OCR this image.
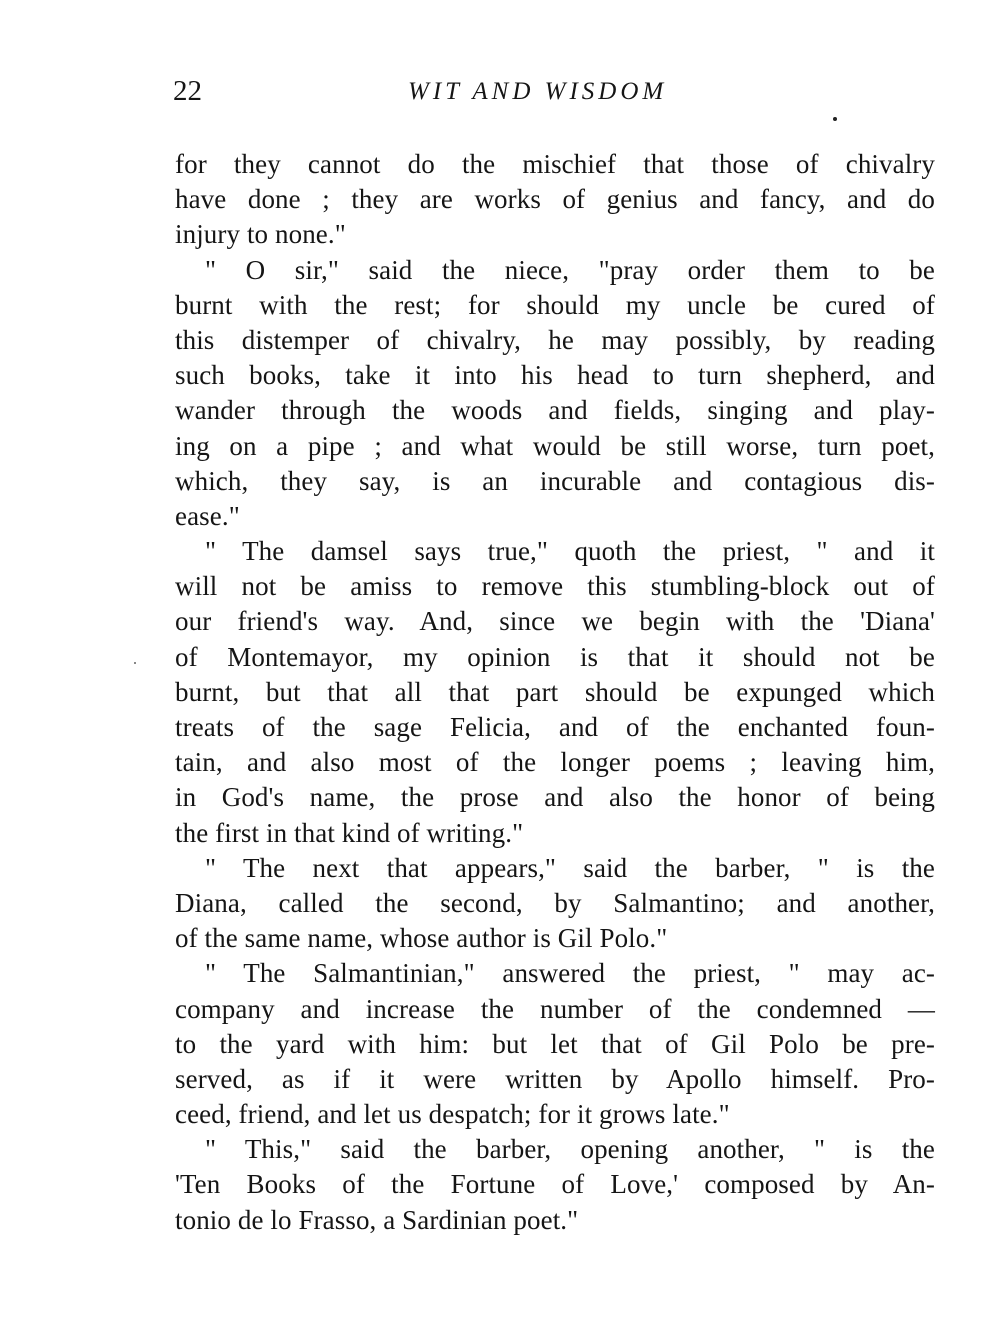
22	WIT AND WISDOM
for they cannot do the mischief that those of chivalry
have done ; they are works of genius and fancy, and do
injury to none."
" O sir," said the niece, "pray order them to be
burnt with the rest; for should my uncle be cured of
this distemper of chivalry, he may possibly, by reading
such books, take it into his head to turn shepherd, and
wander through the woods and fields, singing and play-
ing on a pipe ; and what would be still worse, turn poet,
which, they say, is an incurable and contagious dis-
ease."
" The damsel says true," quoth the priest, " and it
will not be amiss to remove this stumbling-block out of
our friend's way. And, since we begin with the 'Diana'
of Montemayor, my opinion is that it should not be
burnt, but that all that part should be expunged which
treats of the sage Felicia, and of the enchanted foun-
tain, and also most of the longer poems ; leaving him,
in God's name, the prose and also the honor of being
the first in that kind of writing."
" The next that appears," said the barber, " is the
Diana, called the second, by Salmantino; and another,
of the same name, whose author is Gil Polo."
" The Salmantinian," answered the priest, " may ac-
company and increase the number of the condemned —
to the yard with him: but let that of Gil Polo be pre-
served, as if it were written by Apollo himself. Pro-
ceed, friend, and let us despatch; for it grows late."
" This," said the barber, opening another, " is the
'Ten Books of the Fortune of Love,' composed by An-
tonio de lo Frasso, a Sardinian poet."
